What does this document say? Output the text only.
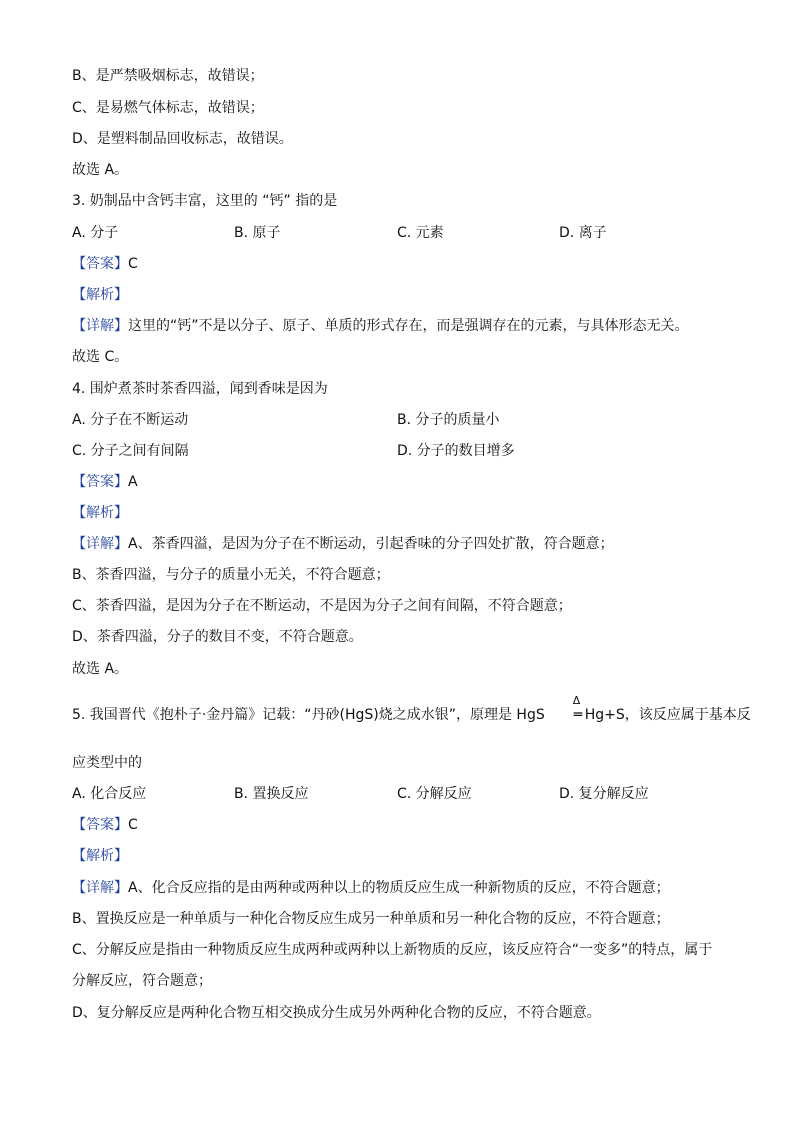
B、是严禁吸烟标志，故错误；
C、是易燃气体标志，故错误；
D、是塑料制品回收标志，故错误。
故选 A。
3. 奶制品中含钙丰富，这里的 “钙” 指的是
A. 分子	B. 原子	C. 元素	D. 离子
【答案】C
【解析】
【详解】这里的“钙”不是以分子、原子、单质的形式存在，而是强调存在的元素，与具体形态无关。
故选 C。
4. 围炉煮茶时茶香四溢，闻到香味是因为
A. 分子在不断运动	B. 分子的质量小
C. 分子之间有间隔	D. 分子的数目增多
【答案】A
【解析】
【详解】A、茶香四溢，是因为分子在不断运动，引起香味的分子四处扩散，符合题意；
B、茶香四溢，与分子的质量小无关，不符合题意；
C、茶香四溢，是因为分子在不断运动，不是因为分子之间有间隔，不符合题意；
D、茶香四溢，分子的数目不变，不符合题意。
故选 A。
5. 我国晋代《抱朴子·金丹篇》记载：“丹砂(HgS)烧之成水银”，原理是 HgS
Δ
═ Hg+S，该反应属于基本反
应类型中的
A. 化合反应	B. 置换反应	C. 分解反应	D. 复分解反应
【答案】C
【解析】
【详解】A、化合反应指的是由两种或两种以上的物质反应生成一种新物质的反应，不符合题意；
B、置换反应是一种单质与一种化合物反应生成另一种单质和另一种化合物的反应，不符合题意；
C、分解反应是指由一种物质反应生成两种或两种以上新物质的反应，该反应符合“一变多”的特点，属于
分解反应，符合题意；
D、复分解反应是两种化合物互相交换成分生成另外两种化合物的反应，不符合题意。
